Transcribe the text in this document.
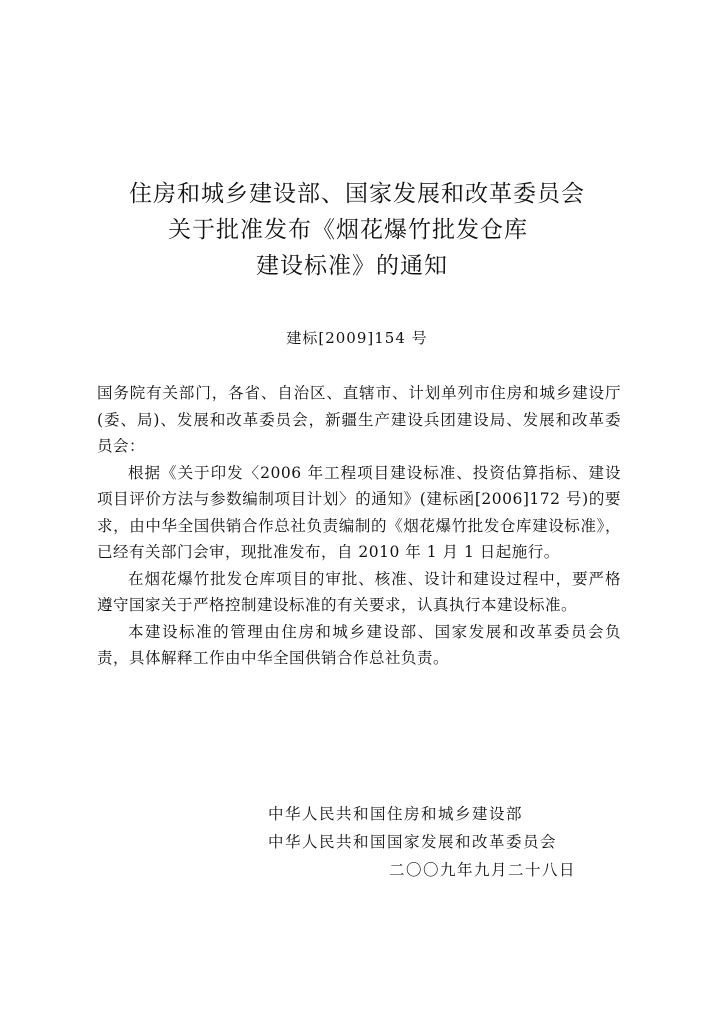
住房和城乡建设部、国家发展和改革委员会
关于批准发布《烟花爆竹批发仓库
建设标准》的通知
建标[2009]154 号

国务院有关部门，各省、自治区、直辖市、计划单列市住房和城乡建设厅(委、局)、发展和改革委员会，新疆生产建设兵团建设局、发展和改革委员会：

根据《关于印发〈2006 年工程项目建设标准、投资估算指标、建设项目评价方法与参数编制项目计划〉的通知》(建标函[2006]172 号)的要求，由中华全国供销合作总社负责编制的《烟花爆竹批发仓库建设标准》，已经有关部门会审，现批准发布，自 2010 年 1 月 1 日起施行。

在烟花爆竹批发仓库项目的审批、核准、设计和建设过程中，要严格遵守国家关于严格控制建设标准的有关要求，认真执行本建设标准。

本建设标准的管理由住房和城乡建设部、国家发展和改革委员会负责，具体解释工作由中华全国供销合作总社负责。

中华人民共和国住房和城乡建设部
中华人民共和国国家发展和改革委员会
二〇〇九年九月二十八日
